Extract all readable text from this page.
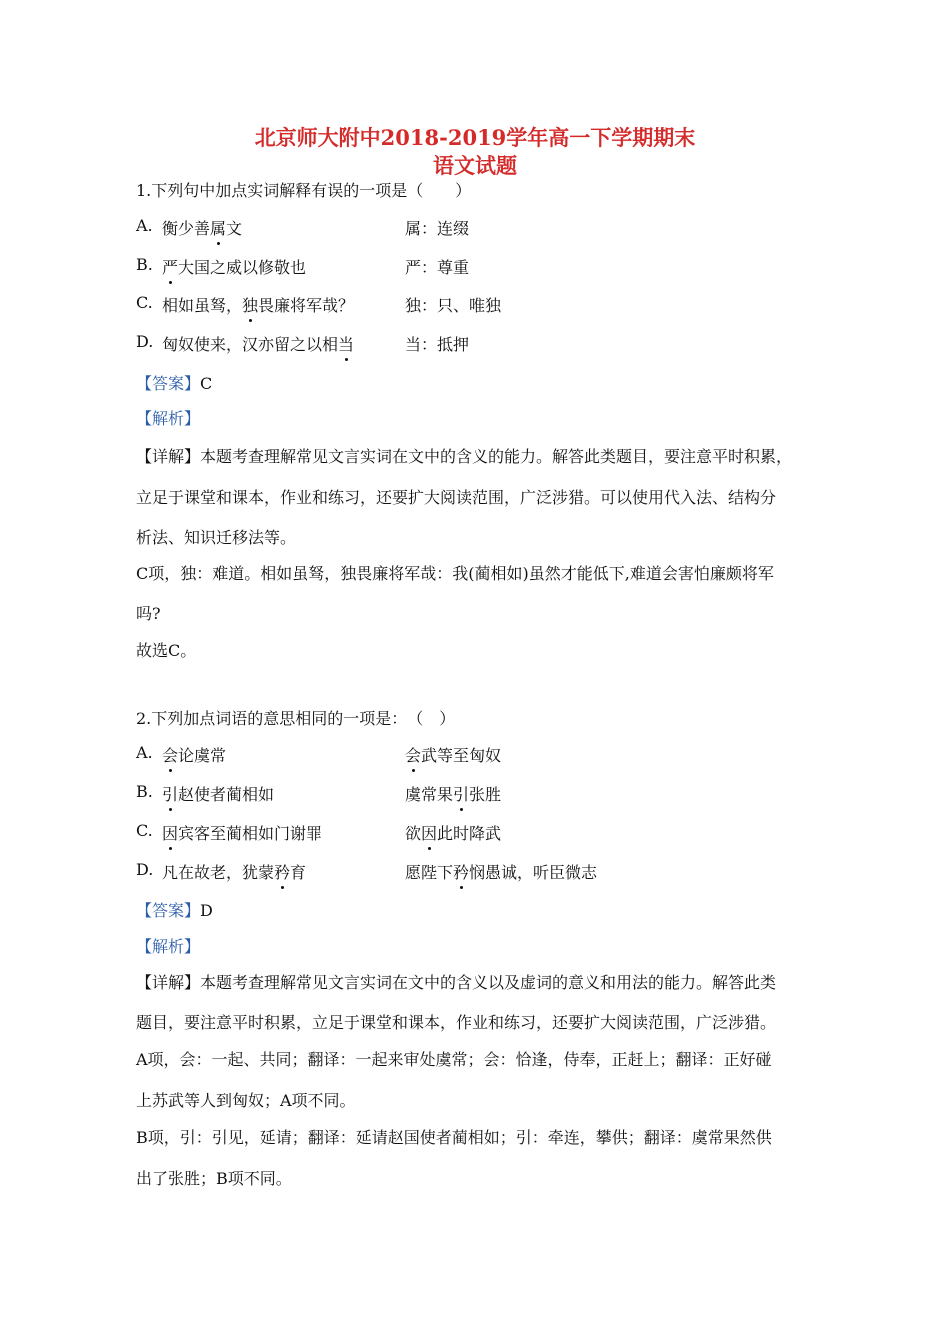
北京师大附中2018-2019学年高一下学期期末
语文试题
1.下列句中加点实词解释有误的一项是（　　）
A. 衡少善属文	属：连缀
B. 严大国之威以修敬也	严：尊重
C. 相如虽驽，独畏廉将军哉？	独：只、唯独
D. 匈奴使来，汉亦留之以相当	当：抵押
【答案】C
【解析】
【详解】本题考查理解常见文言实词在文中的含义的能力。解答此类题目，要注意平时积累，
立足于课堂和课本，作业和练习，还要扩大阅读范围，广泛涉猎。可以使用代入法、结构分
析法、知识迁移法等。
C项，独：难道。相如虽驽，独畏廉将军哉：我(蔺相如)虽然才能低下,难道会害怕廉颇将军
吗?
故选C。
2.下列加点词语的意思相同的一项是：　（　）
A. 会论虞常	会武等至匈奴
B. 引赵使者蔺相如	虞常果引张胜
C. 因宾客至蔺相如门谢罪	欲因此时降武
D. 凡在故老，犹蒙矜育	愿陛下矜悯愚诚，听臣微志
【答案】D
【解析】
【详解】本题考查理解常见文言实词在文中的含义以及虚词的意义和用法的能力。解答此类
题目，要注意平时积累，立足于课堂和课本，作业和练习，还要扩大阅读范围，广泛涉猎。
A项，会：一起、共同；翻译：一起来审处虞常；会：恰逢，侍奉，正赶上；翻译：正好碰
上苏武等人到匈奴；A项不同。
B项，引：引见，延请；翻译：延请赵国使者蔺相如；引：牵连，攀供；翻译：虞常果然供
出了张胜；B项不同。
